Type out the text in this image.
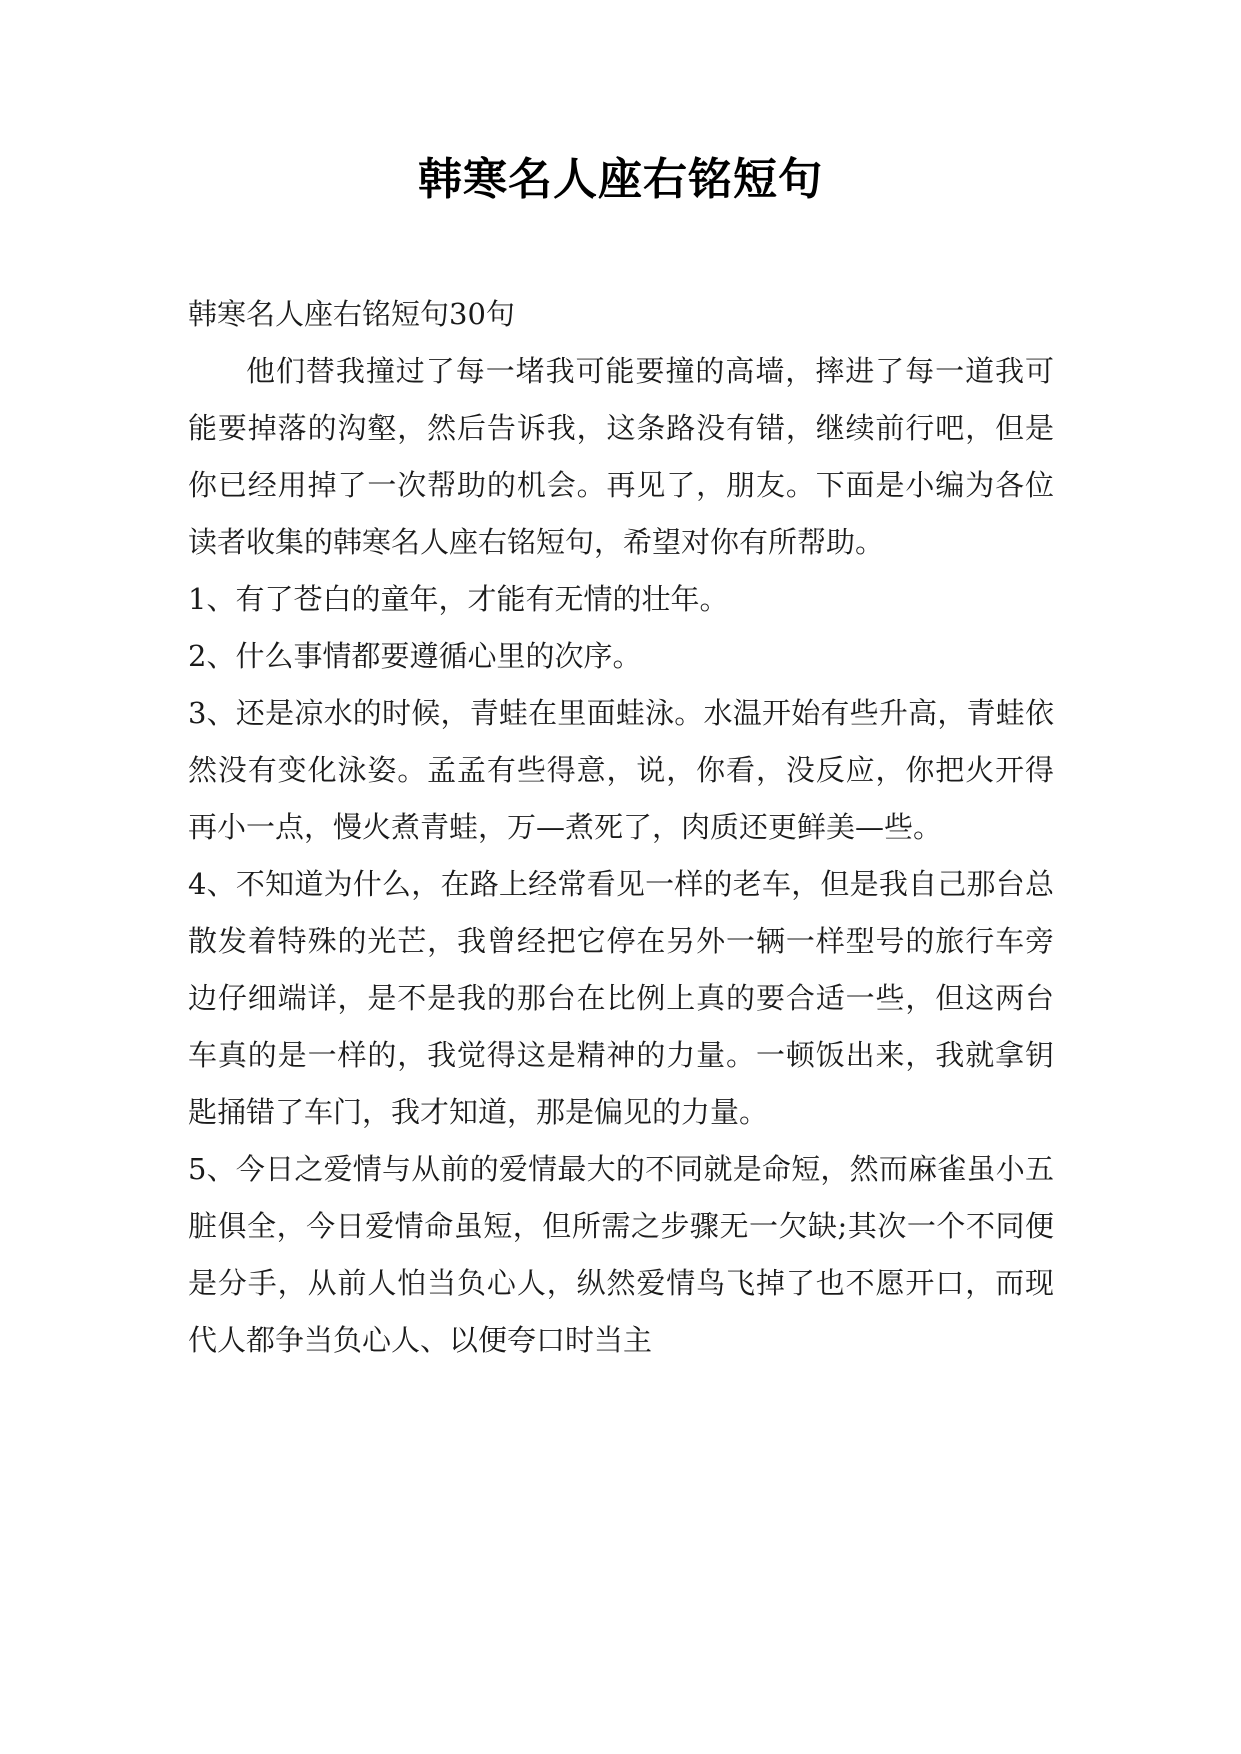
韩寒名人座右铭短句

韩寒名人座右铭短句30句

他们替我撞过了每一堵我可能要撞的高墙，摔进了每一道我可能要掉落的沟壑，然后告诉我，这条路没有错，继续前行吧，但是你已经用掉了一次帮助的机会。再见了，朋友。下面是小编为各位读者收集的韩寒名人座右铭短句，希望对你有所帮助。

1、有了苍白的童年，才能有无情的壮年。

2、什么事情都要遵循心里的次序。

3、还是凉水的时候，青蛙在里面蛙泳。水温开始有些升高，青蛙依然没有变化泳姿。孟孟有些得意，说，你看，没反应，你把火开得再小一点，慢火煮青蛙，万—煮死了，肉质还更鲜美—些。

4、不知道为什么，在路上经常看见一样的老车，但是我自己那台总散发着特殊的光芒，我曾经把它停在另外一辆一样型号的旅行车旁边仔细端详，是不是我的那台在比例上真的要合适一些，但这两台车真的是一样的，我觉得这是精神的力量。一顿饭出来，我就拿钥匙捅错了车门，我才知道，那是偏见的力量。

5、今日之爱情与从前的爱情最大的不同就是命短，然而麻雀虽小五脏俱全，今日爱情命虽短，但所需之步骤无一欠缺;其次一个不同便是分手，从前人怕当负心人，纵然爱情鸟飞掉了也不愿开口，而现代人都争当负心人、以便夸口时当主
